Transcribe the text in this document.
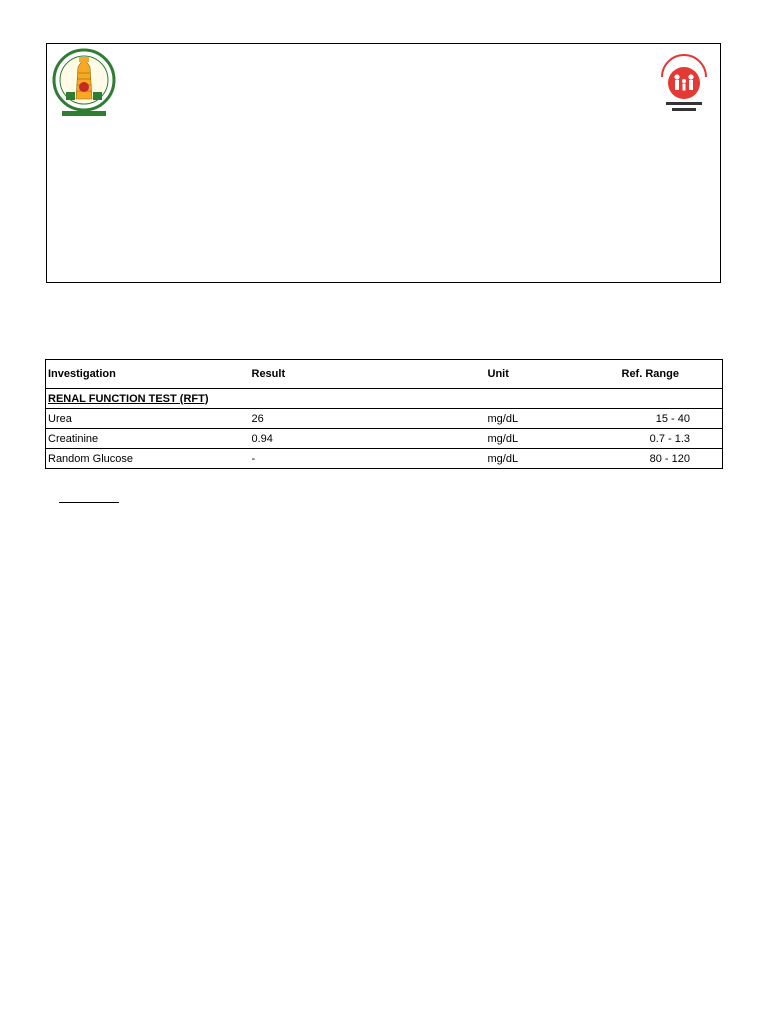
Investigation	Result	Unit	Ref. Range
RENAL FUNCTION TEST (RFT)			
Urea	26	mg/dL	15 - 40
Creatinine	0.94	mg/dL	0.7 - 1.3
Random Glucose	-	mg/dL	80 - 120
